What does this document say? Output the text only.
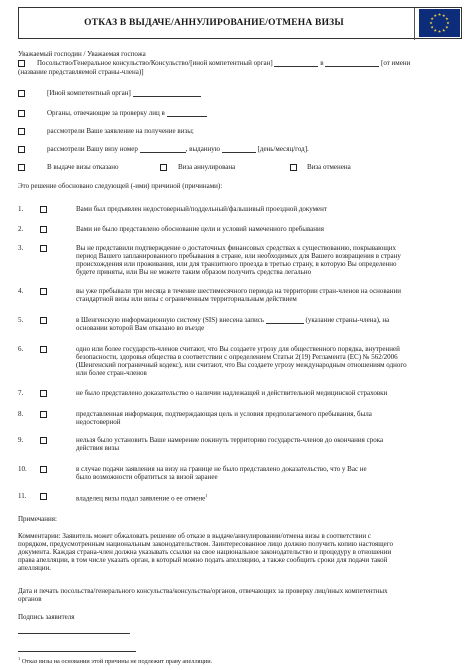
ОТКАЗ В ВЫДАЧЕ/АННУЛИРОВАНИЕ/ОТМЕНА ВИЗЫ
Уважаемый господин / Уважаемая госпожа
Посольство/Генеральное консульство/Консульство/[иной компетентный орган]	в	[от имени
(название представляемой страны-члена)]
[Иной компетентный орган]
Органы, отвечающие за проверку лиц в
рассмотрели Ваше заявление на получение визы;
рассмотрели Вашу визу номер	, выданную	[день/месяц/год].
В выдаче визы отказано	Виза аннулирована	Виза отменена
Это решение обосновано следующей (-ими) причиной (причинами):
1.	Вами был предъявлен недостоверный/поддельный/фальшивый проездной документ
2.	Вами не было представлено обоснование цели и условий намеченного пребывания
3.	Вы не представили подтверждение о достаточных финансовых средствах к существованию, покрывающих
период Вашего запланированного пребывания в стране, или необходимых для Вашего возвращения в страну
происхождения или проживания, или для транзитного проезда в третью страну, в которую Вы определенно
будете приняты, или Вы не можете таким образом получить средства легально
4.	вы уже пребывали три месяца в течение шестимесячного периода на территории стран-членов на основании
стандартной визы или визы с ограниченным территориальным действием
5.	в Шенгенскую информационную систему (SIS) внесена запись	(указание страны-члена), на
основании которой Вам отказано во въезде
6.	одно или более государств-членов считают, что Вы создаете угрозу для общественного порядка, внутренней
безопасности, здоровья общества в соответствии с определением Статьи 2(19) Регламента (ЕС) № 562/2006
(Шенгенский пограничный кодекс), или считают, что Вы создаете угрозу международным отношениям одного
или более стран-членов
7.	не было представлено доказательство о наличии надлежащей и действительной медицинской страховки
8.	представленная информация, подтверждающая цель и условия предполагаемого пребывания, была
недостоверной
9.	нельзя было установить Ваше намерение покинуть территорию государств-членов до окончания срока
действия визы
10.	в случае подачи заявления на визу на границе не было представлено доказательство, что у Вас не
было возможности обратиться за визой заранее
11.	владелец визы подал заявление о ее отмене$^1$
Примечания:
Комментарии: Заявитель может обжаловать решение об отказе в выдаче/аннулировании/отмена визы в соответствии с
порядком, предусмотренным национальным законодательством. Заинтересованное лицо должно получить копию настоящего
документа. Каждая страна-член должна указывать ссылки на свое национальное законодательство и процедуру в отношении
права апелляции, в том числе указать орган, в который можно подать апелляцию, а также сообщить сроки для подачи такой
апелляции.
Дата и печать посольства/генерального консульства/консульства/органов, отвечающих за проверку лиц/иных компетентных
органов
Подпись заявителя
$^1$ Отказ визы на основании этой причины не подлежит праву апелляции.
